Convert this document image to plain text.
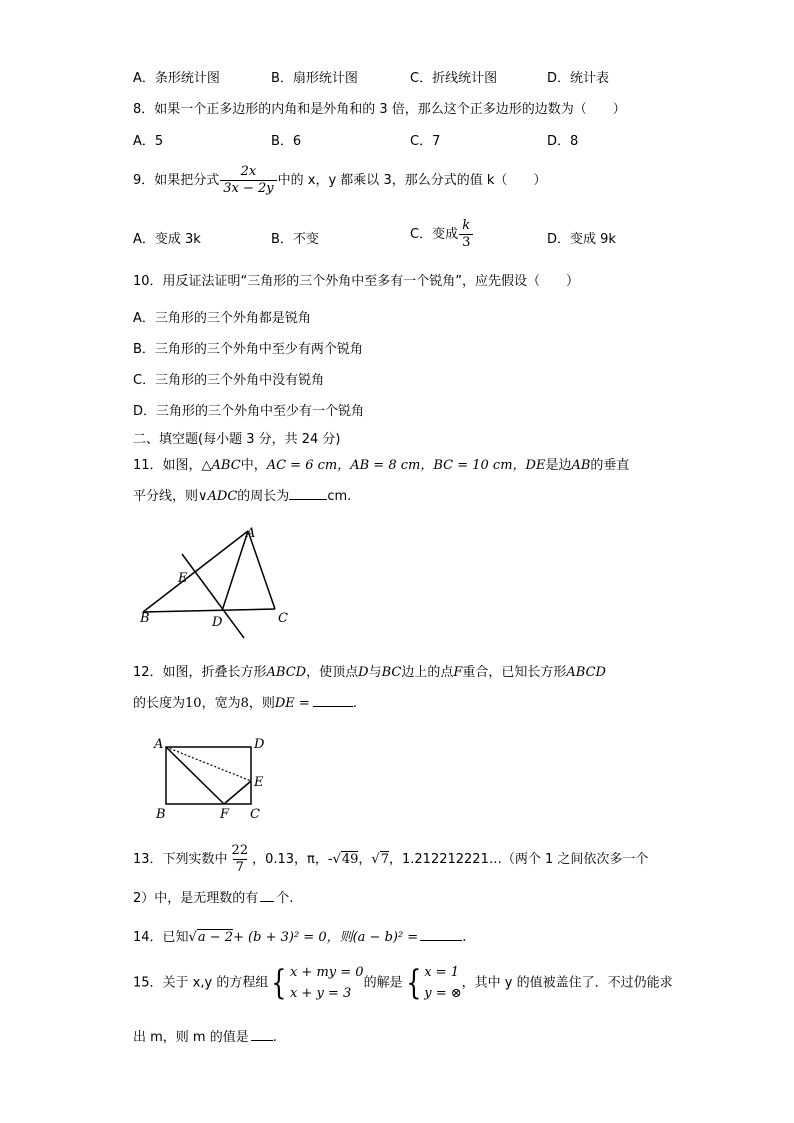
A．条形统计图	B．扇形统计图	C．折线统计图	D．统计表
8．如果一个正多边形的内角和是外角和的 3 倍，那么这个正多边形的边数为（　　）
A．5	B．6	C．7	D．8
9．如果把分式 $\frac{2x}{3x - 2y}$ 中的 x，y 都乘以 3，那么分式的值 k（　　）
A．变成 3k	B．不变	C．变成 $\frac{k}{3}$	D．变成 9k
10．用反证法证明“三角形的三个外角中至多有一个锐角”，应先假设（　　）
A．三角形的三个外角都是锐角
B．三角形的三个外角中至少有两个锐角
C．三角形的三个外角中没有锐角
D．三角形的三个外角中至少有一个锐角
二、填空题(每小题 3 分，共 24 分)
11．如图，△ABC中，AC = 6 cm，AB = 8 cm，BC = 10 cm，DE是边AB的垂直
平分线，则∨ADC的周长为	cm.
A
B	C
D
E
12．如图，折叠长方形ABCD，使顶点D与BC边上的点F重合，已知长方形ABCD
的长度为10，宽为8，则DE =	.
A	D
E
B	F C
13．下列实数中 $\frac{22}{7}$ ，0.13，π，-√49，√7，1.212212221…（两个 1 之间依次多一个
2）中，是无理数的有 个.
14．已知√a − 2+ (b + 3)² = 0，则(a − b)² =	.
15．关于 x,y 的方程组 { x + my = 0
x + y = 3
的解是 { x = 1
y = ⊗
，其中 y 的值被盖住了．不过仍能求
出 m，则 m 的值是 .
